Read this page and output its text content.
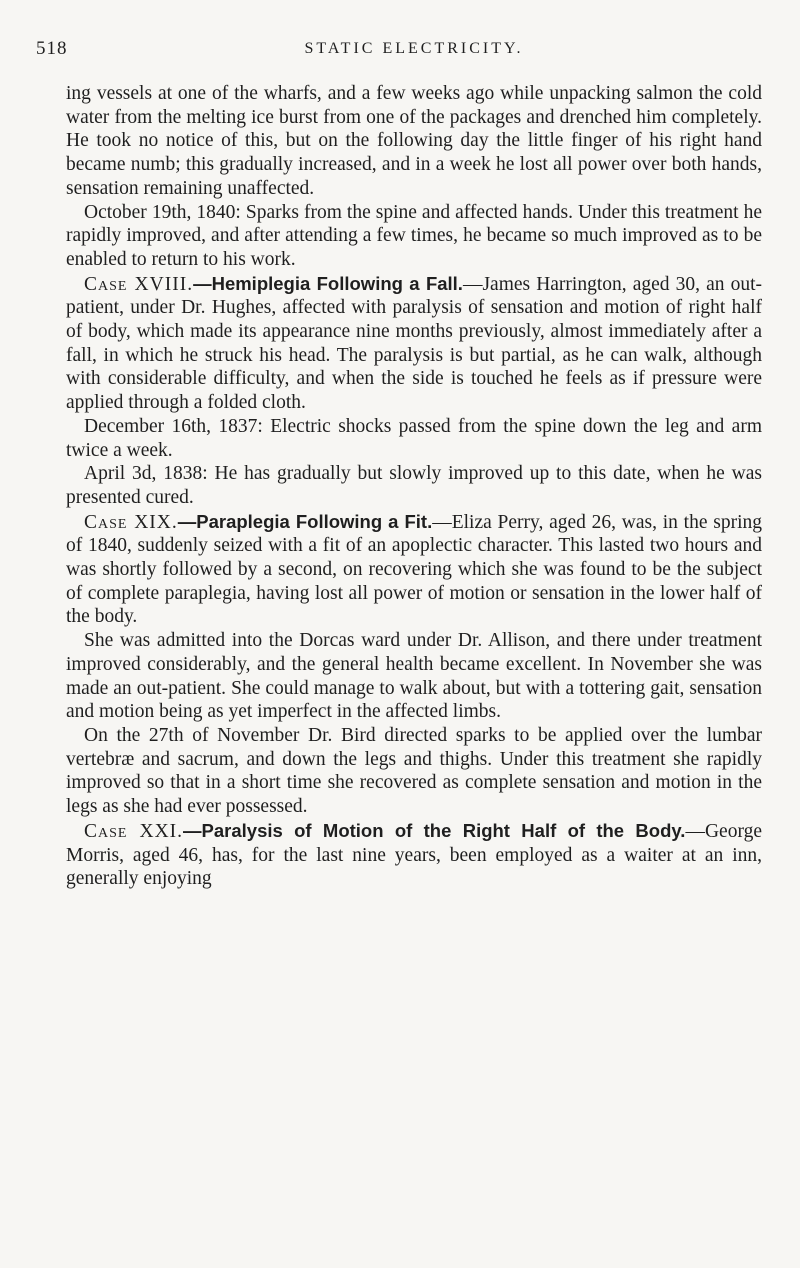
518	STATIC ELECTRICITY.

ing vessels at one of the wharfs, and a few weeks ago while unpacking salmon the cold water from the melting ice burst from one of the packages and drenched him completely. He took no notice of this, but on the following day the little finger of his right hand became numb; this gradually increased, and in a week he lost all power over both hands, sensation remaining unaffected.

October 19th, 1840: Sparks from the spine and affected hands. Under this treatment he rapidly improved, and after attending a few times, he became so much improved as to be enabled to return to his work.

Case XVIII.—Hemiplegia Following a Fall.—James Harrington, aged 30, an out-patient, under Dr. Hughes, affected with paralysis of sensation and motion of right half of body, which made its appearance nine months previously, almost immediately after a fall, in which he struck his head. The paralysis is but partial, as he can walk, although with considerable difficulty, and when the side is touched he feels as if pressure were applied through a folded cloth.

December 16th, 1837: Electric shocks passed from the spine down the leg and arm twice a week.

April 3d, 1838: He has gradually but slowly improved up to this date, when he was presented cured.

Case XIX.—Paraplegia Following a Fit.—Eliza Perry, aged 26, was, in the spring of 1840, suddenly seized with a fit of an apoplectic character. This lasted two hours and was shortly followed by a second, on recovering which she was found to be the subject of complete paraplegia, having lost all power of motion or sensation in the lower half of the body.

She was admitted into the Dorcas ward under Dr. Allison, and there under treatment improved considerably, and the general health became excellent. In November she was made an out-patient. She could manage to walk about, but with a tottering gait, sensation and motion being as yet imperfect in the affected limbs.

On the 27th of November Dr. Bird directed sparks to be applied over the lumbar vertebræ and sacrum, and down the legs and thighs. Under this treatment she rapidly improved so that in a short time she recovered as complete sensation and motion in the legs as she had ever possessed.

Case XXI.—Paralysis of Motion of the Right Half of the Body.—George Morris, aged 46, has, for the last nine years, been employed as a waiter at an inn, generally enjoying
